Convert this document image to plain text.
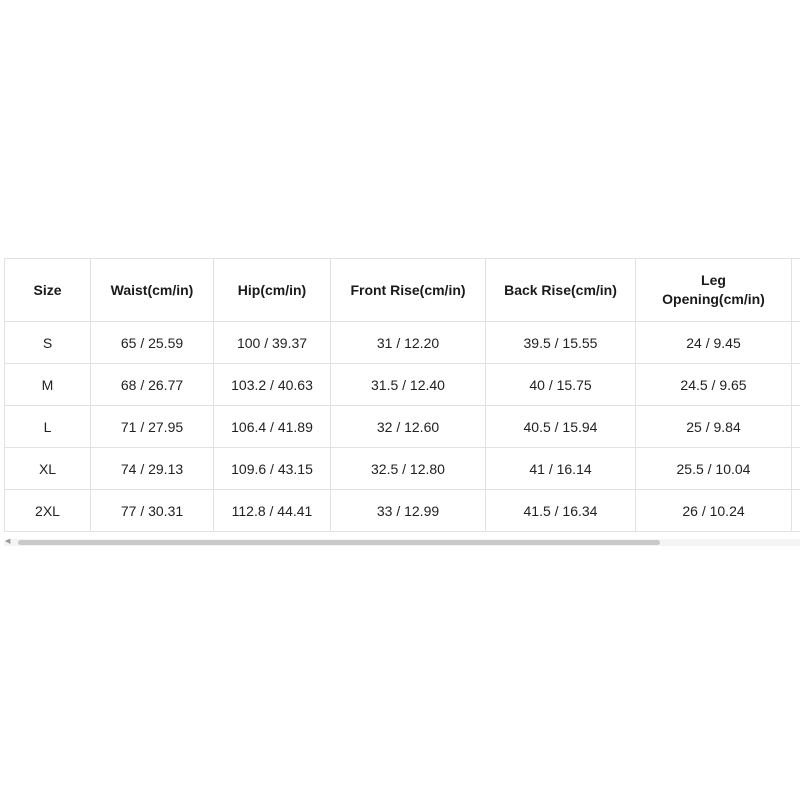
Size	Waist(cm/in)	Hip(cm/in)	Front Rise(cm/in)	Back Rise(cm/in)	Leg Opening(cm/in)	
S	65 / 25.59	100 / 39.37	31 / 12.20	39.5 / 15.55	24 / 9.45	
M	68 / 26.77	103.2 / 40.63	31.5 / 12.40	40 / 15.75	24.5 / 9.65	
L	71 / 27.95	106.4 / 41.89	32 / 12.60	40.5 / 15.94	25 / 9.84	
XL	74 / 29.13	109.6 / 43.15	32.5 / 12.80	41 / 16.14	25.5 / 10.04	
2XL	77 / 30.31	112.8 / 44.41	33 / 12.99	41.5 / 16.34	26 / 10.24	
◀
